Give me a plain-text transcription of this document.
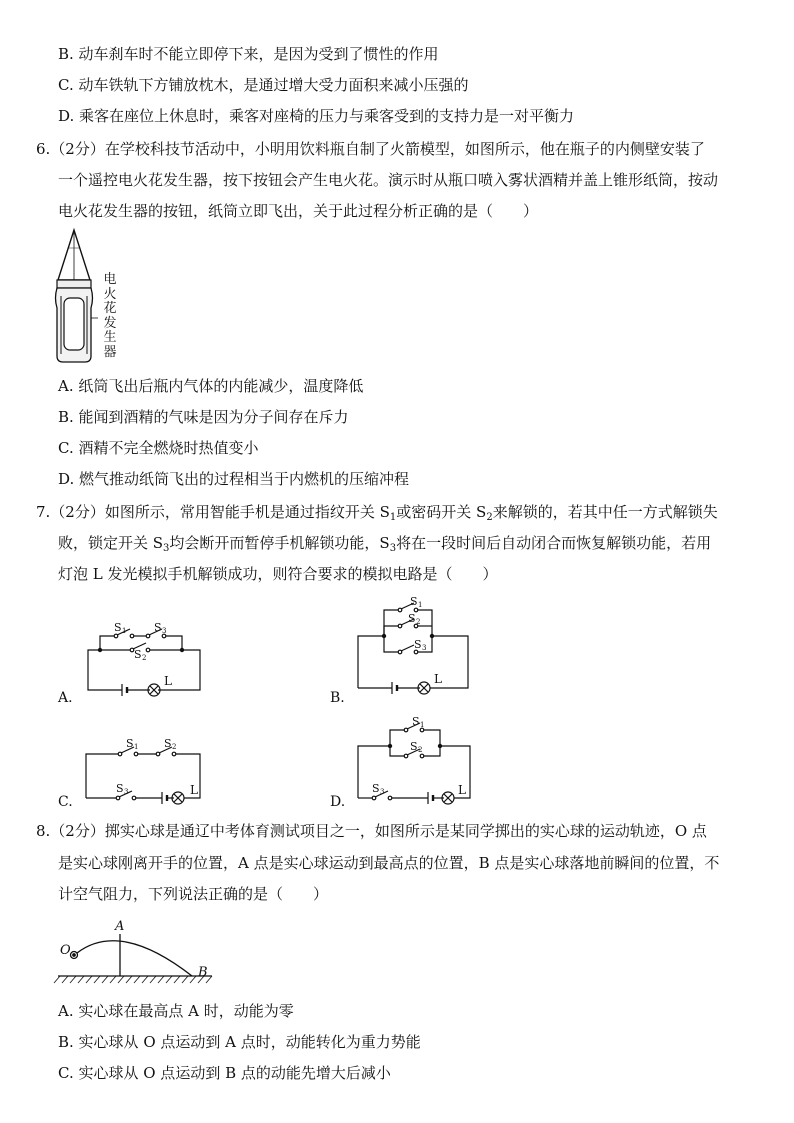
B. 动车刹车时不能立即停下来，是因为受到了惯性的作用
C. 动车铁轨下方铺放枕木，是通过增大受力面积来减小压强的
D. 乘客在座位上休息时，乘客对座椅的压力与乘客受到的支持力是一对平衡力
6.（2分）在学校科技节活动中，小明用饮料瓶自制了火箭模型，如图所示，他在瓶子的内侧壁安装了
一个遥控电火花发生器，按下按钮会产生电火花。演示时从瓶口喷入雾状酒精并盖上锥形纸筒，按动
电火花发生器的按钮，纸筒立即飞出，关于此过程分析正确的是（　　）
电
火
花
发
生
器
A. 纸筒飞出后瓶内气体的内能减少，温度降低
B. 能闻到酒精的气味是因为分子间存在斥力
C. 酒精不完全燃烧时热值变小
D. 燃气推动纸筒飞出的过程相当于内燃机的压缩冲程
7.（2分）如图所示，常用智能手机是通过指纹开关 $S_1$或密码开关 $S_2$来解锁的，若其中任一方式解锁失
败，锁定开关 $S_3$均会断开而暂停手机解锁功能，$S_3$将在一段时间后自动闭合而恢复解锁功能，若用
灯泡 L 发光模拟手机解锁成功，则符合要求的模拟电路是（　　）
S 1	S 3
S 2
L
A.
S 1
S 2
S 3
L
B.
S 1 S 2
S 3	L
C.
S 1
S 2
S 3	L
D.
8.（2分）掷实心球是通辽中考体育测试项目之一，如图所示是某同学掷出的实心球的运动轨迹，O 点
是实心球刚离开手的位置，A 点是实心球运动到最高点的位置，B 点是实心球落地前瞬间的位置，不
计空气阻力，下列说法正确的是（　　）
O
A
B
A. 实心球在最高点 A 时，动能为零
B. 实心球从 O 点运动到 A 点时，动能转化为重力势能
C. 实心球从 O 点运动到 B 点的动能先增大后减小
